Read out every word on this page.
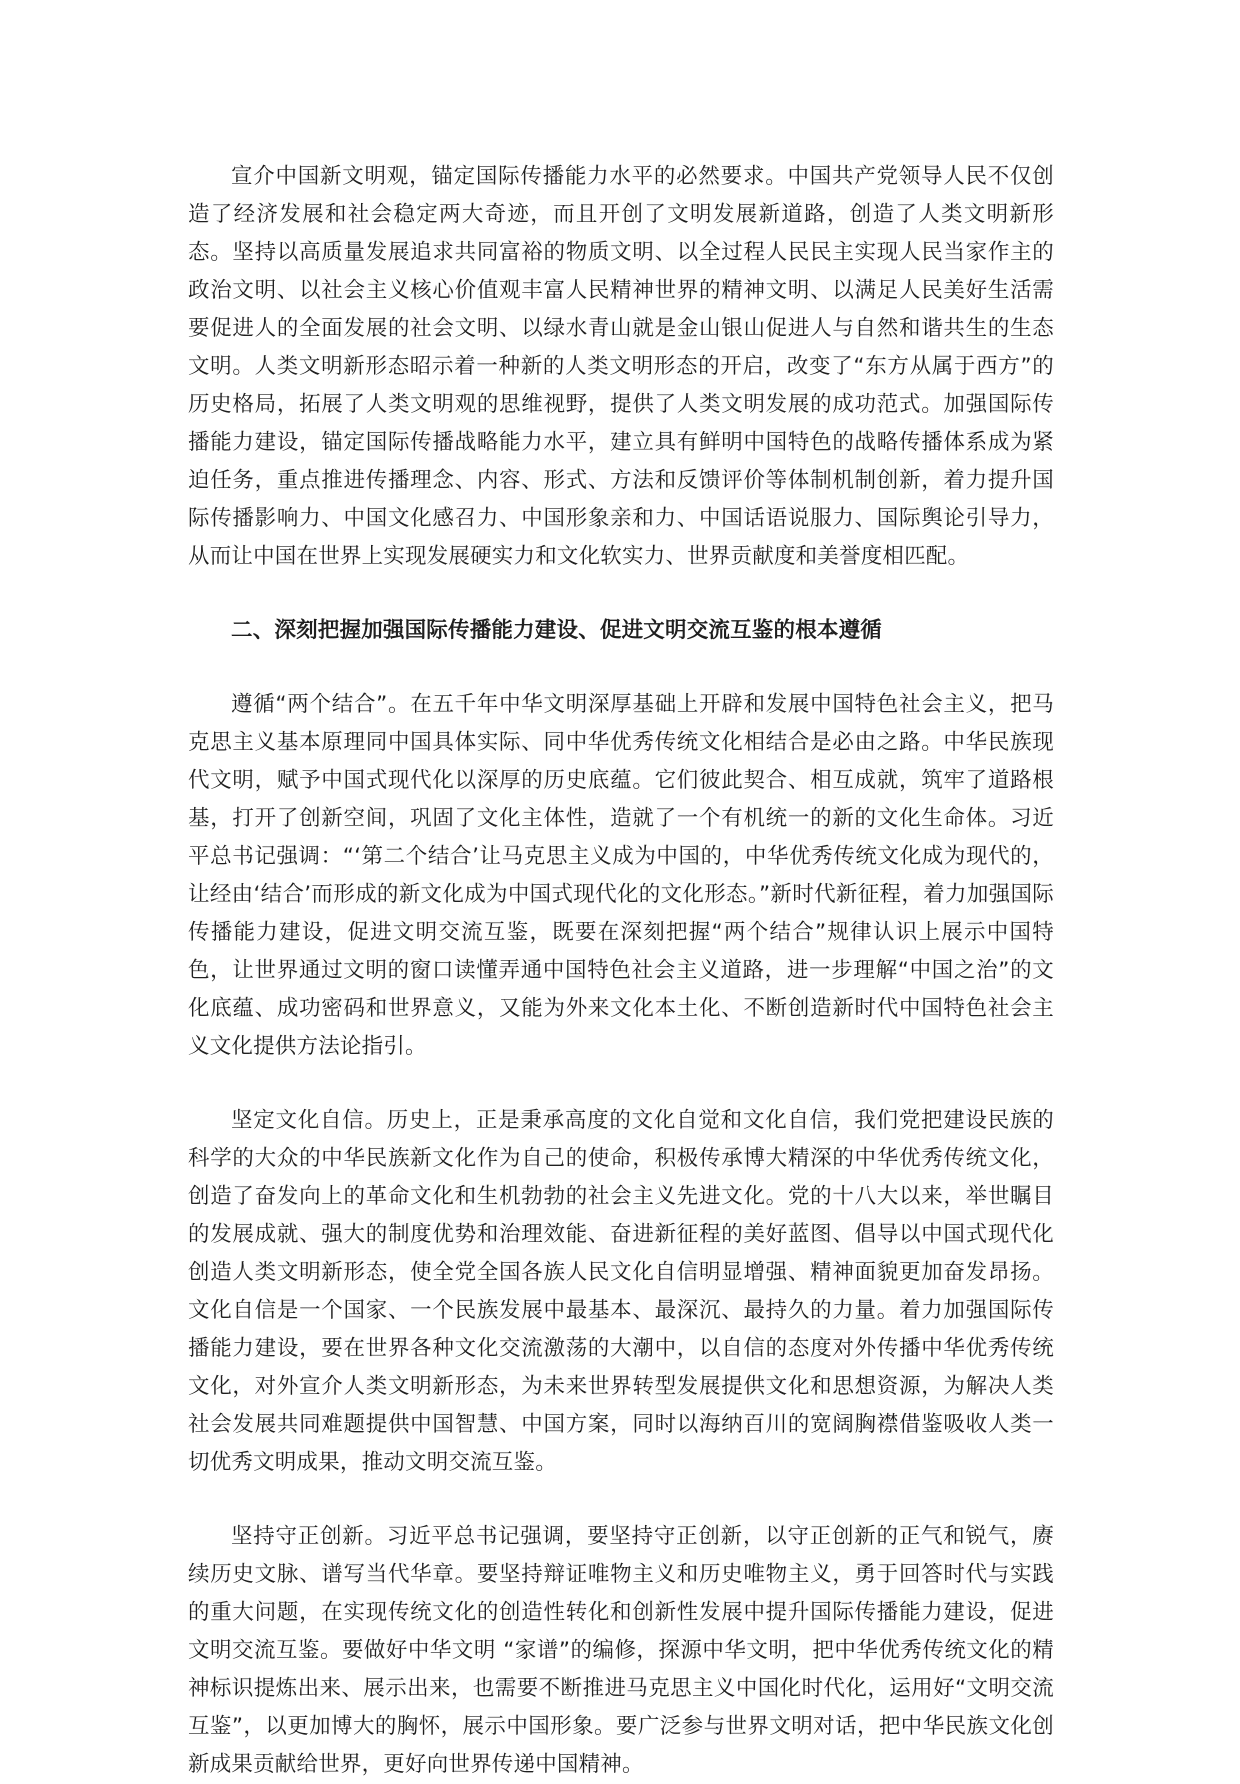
宣介中国新文明观，锚定国际传播能力水平的必然要求。中国共产党领导人民不仅创造了经济发展和社会稳定两大奇迹，而且开创了文明发展新道路，创造了人类文明新形态。坚持以高质量发展追求共同富裕的物质文明、以全过程人民民主实现人民当家作主的政治文明、以社会主义核心价值观丰富人民精神世界的精神文明、以满足人民美好生活需要促进人的全面发展的社会文明、以绿水青山就是金山银山促进人与自然和谐共生的生态文明。人类文明新形态昭示着一种新的人类文明形态的开启，改变了“东方从属于西方”的历史格局，拓展了人类文明观的思维视野，提供了人类文明发展的成功范式。加强国际传播能力建设，锚定国际传播战略能力水平，建立具有鲜明中国特色的战略传播体系成为紧迫任务，重点推进传播理念、内容、形式、方法和反馈评价等体制机制创新，着力提升国际传播影响力、中国文化感召力、中国形象亲和力、中国话语说服力、国际舆论引导力，从而让中国在世界上实现发展硬实力和文化软实力、世界贡献度和美誉度相匹配。

二、深刻把握加强国际传播能力建设、促进文明交流互鉴的根本遵循

遵循“两个结合”。在五千年中华文明深厚基础上开辟和发展中国特色社会主义，把马克思主义基本原理同中国具体实际、同中华优秀传统文化相结合是必由之路。中华民族现代文明，赋予中国式现代化以深厚的历史底蕴。它们彼此契合、相互成就，筑牢了道路根基，打开了创新空间，巩固了文化主体性，造就了一个有机统一的新的文化生命体。习近平总书记强调：“‘第二个结合’让马克思主义成为中国的，中华优秀传统文化成为现代的，让经由‘结合’而形成的新文化成为中国式现代化的文化形态。”新时代新征程，着力加强国际传播能力建设，促进文明交流互鉴，既要在深刻把握“两个结合”规律认识上展示中国特色，让世界通过文明的窗口读懂弄通中国特色社会主义道路，进一步理解“中国之治”的文化底蕴、成功密码和世界意义，又能为外来文化本土化、不断创造新时代中国特色社会主义文化提供方法论指引。

坚定文化自信。历史上，正是秉承高度的文化自觉和文化自信，我们党把建设民族的科学的大众的中华民族新文化作为自己的使命，积极传承博大精深的中华优秀传统文化，创造了奋发向上的革命文化和生机勃勃的社会主义先进文化。党的十八大以来，举世瞩目的发展成就、强大的制度优势和治理效能、奋进新征程的美好蓝图、倡导以中国式现代化创造人类文明新形态，使全党全国各族人民文化自信明显增强、精神面貌更加奋发昂扬。文化自信是一个国家、一个民族发展中最基本、最深沉、最持久的力量。着力加强国际传播能力建设，要在世界各种文化交流激荡的大潮中，以自信的态度对外传播中华优秀传统文化，对外宣介人类文明新形态，为未来世界转型发展提供文化和思想资源，为解决人类社会发展共同难题提供中国智慧、中国方案，同时以海纳百川的宽阔胸襟借鉴吸收人类一切优秀文明成果，推动文明交流互鉴。

坚持守正创新。习近平总书记强调，要坚持守正创新，以守正创新的正气和锐气，赓续历史文脉、谱写当代华章。要坚持辩证唯物主义和历史唯物主义，勇于回答时代与实践的重大问题，在实现传统文化的创造性转化和创新性发展中提升国际传播能力建设，促进文明交流互鉴。要做好中华文明 “家谱”的编修，探源中华文明，把中华优秀传统文化的精神标识提炼出来、展示出来，也需要不断推进马克思主义中国化时代化，运用好“文明交流互鉴”，以更加博大的胸怀，展示中国形象。要广泛参与世界文明对话，把中华民族文化创新成果贡献给世界，更好向世界传递中国精神。
